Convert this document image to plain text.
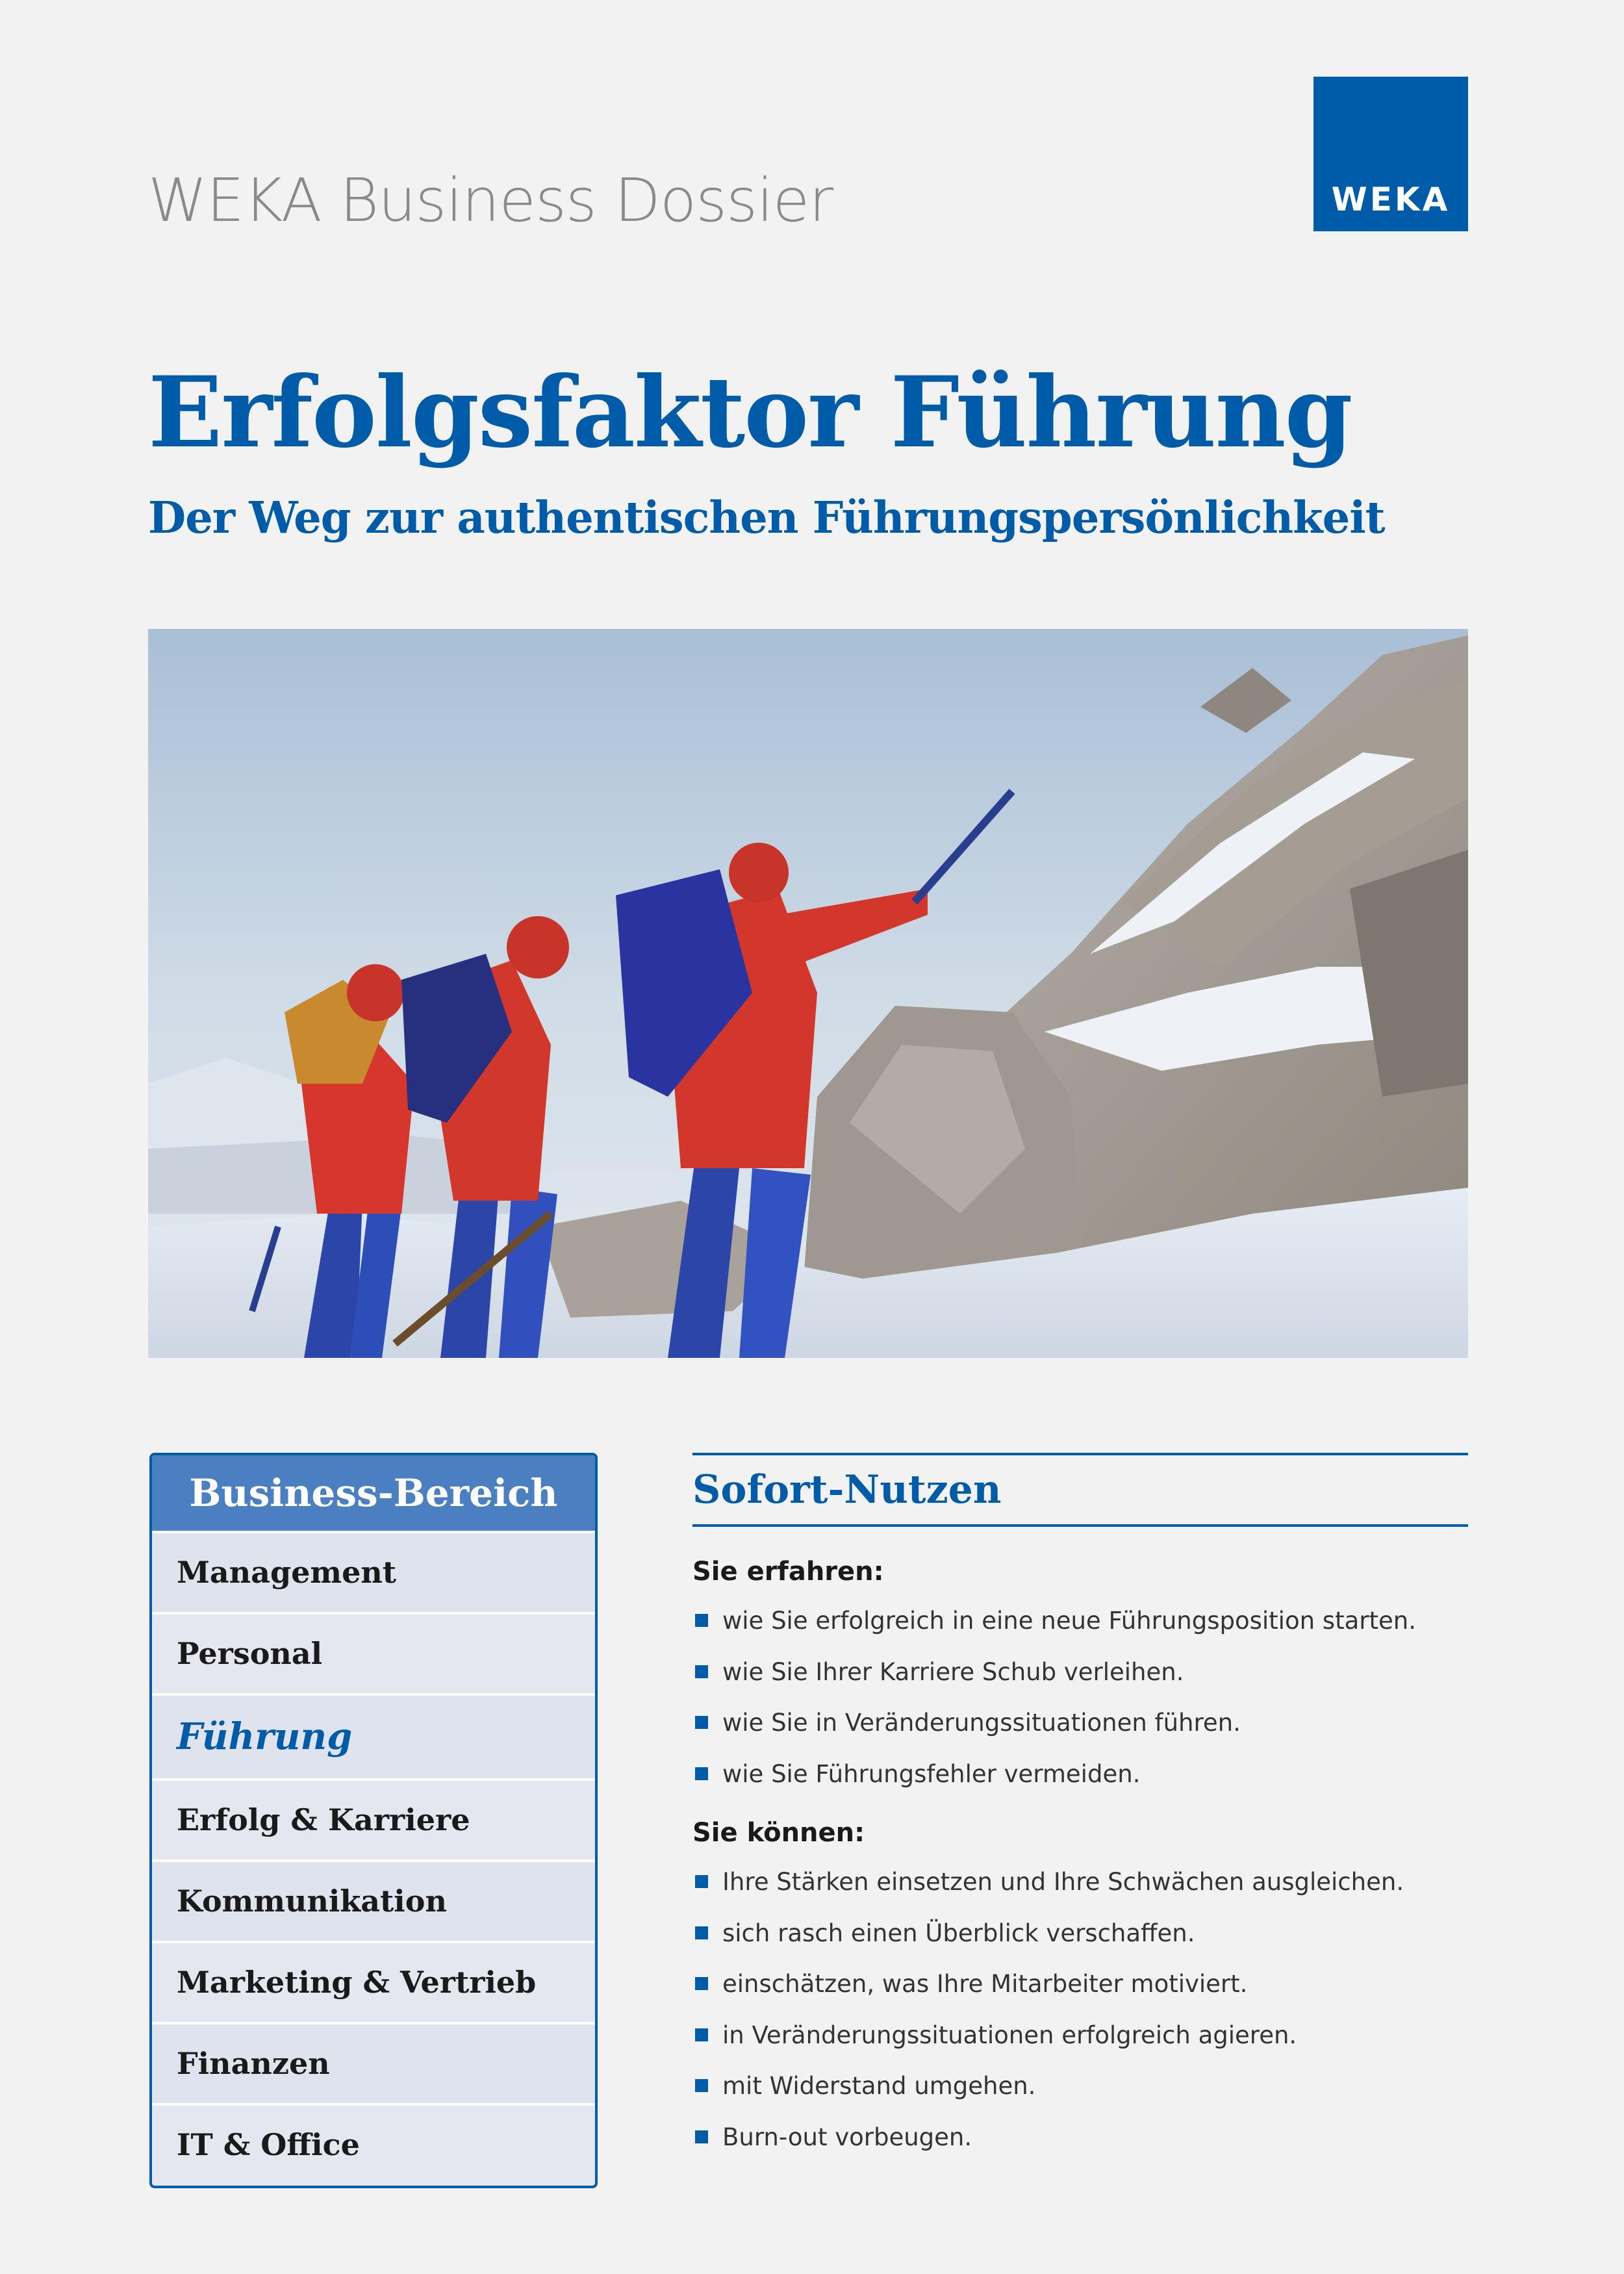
WEKA Business Dossier	WEKA
Erfolgsfaktor Führung
Der Weg zur authentischen Führungspersönlichkeit
Business-Bereich
Management
Personal
Führung
Erfolg & Karriere
Kommunikation
Marketing & Vertrieb
Finanzen
IT & Office
Sofort-Nutzen

Sie erfahren:

wie Sie erfolgreich in eine neue Führungsposition starten.
wie Sie Ihrer Karriere Schub verleihen.
wie Sie in Veränderungssituationen führen.
wie Sie Führungsfehler vermeiden.

Sie können:

Ihre Stärken einsetzen und Ihre Schwächen ausgleichen.
sich rasch einen Überblick verschaffen.
einschätzen, was Ihre Mitarbeiter motiviert.
in Veränderungssituationen erfolgreich agieren.
mit Widerstand umgehen.
Burn-out vorbeugen.
